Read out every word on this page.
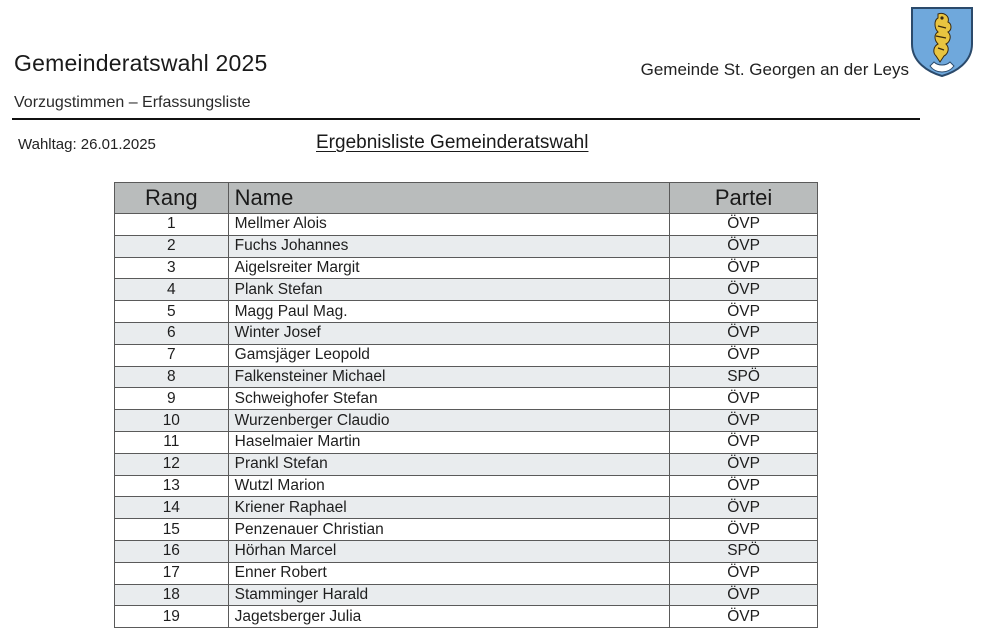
Gemeinderatswahl 2025
Vorzugstimmen – Erfassungsliste
Gemeinde St. Georgen an der Leys
Wahltag: 26.01.2025	Ergebnisliste Gemeinderatswahl
Rang	Name	Partei
1	Mellmer Alois	ÖVP
2	Fuchs Johannes	ÖVP
3	Aigelsreiter Margit	ÖVP
4	Plank Stefan	ÖVP
5	Magg Paul Mag.	ÖVP
6	Winter Josef	ÖVP
7	Gamsjäger Leopold	ÖVP
8	Falkensteiner Michael	SPÖ
9	Schweighofer Stefan	ÖVP
10	Wurzenberger Claudio	ÖVP
11	Haselmaier Martin	ÖVP
12	Prankl Stefan	ÖVP
13	Wutzl Marion	ÖVP
14	Kriener Raphael	ÖVP
15	Penzenauer Christian	ÖVP
16	Hörhan Marcel	SPÖ
17	Enner Robert	ÖVP
18	Stamminger Harald	ÖVP
19	Jagetsberger Julia	ÖVP
